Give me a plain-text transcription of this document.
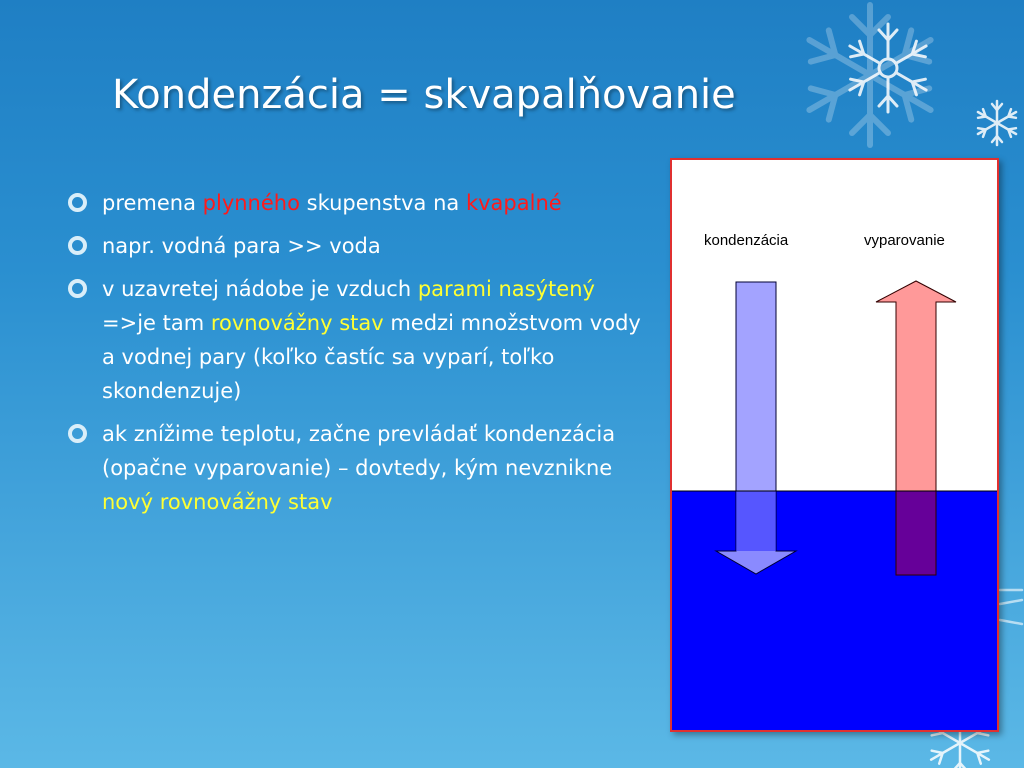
Kondenzácia = skvapalňovanie
premena plynného skupenstva na kvapalné
napr. vodná para >> voda
v uzavretej nádobe je vzduch parami nasýtený =>je tam rovnovážny stav medzi množstvom vody a vodnej pary (koľko častíc sa vyparí, toľko skondenzuje)
ak znížime teplotu, začne prevládať kondenzácia (opačne vyparovanie) – dovtedy, kým nevznikne nový rovnovážny stav
kondenzácia	vyparovanie
